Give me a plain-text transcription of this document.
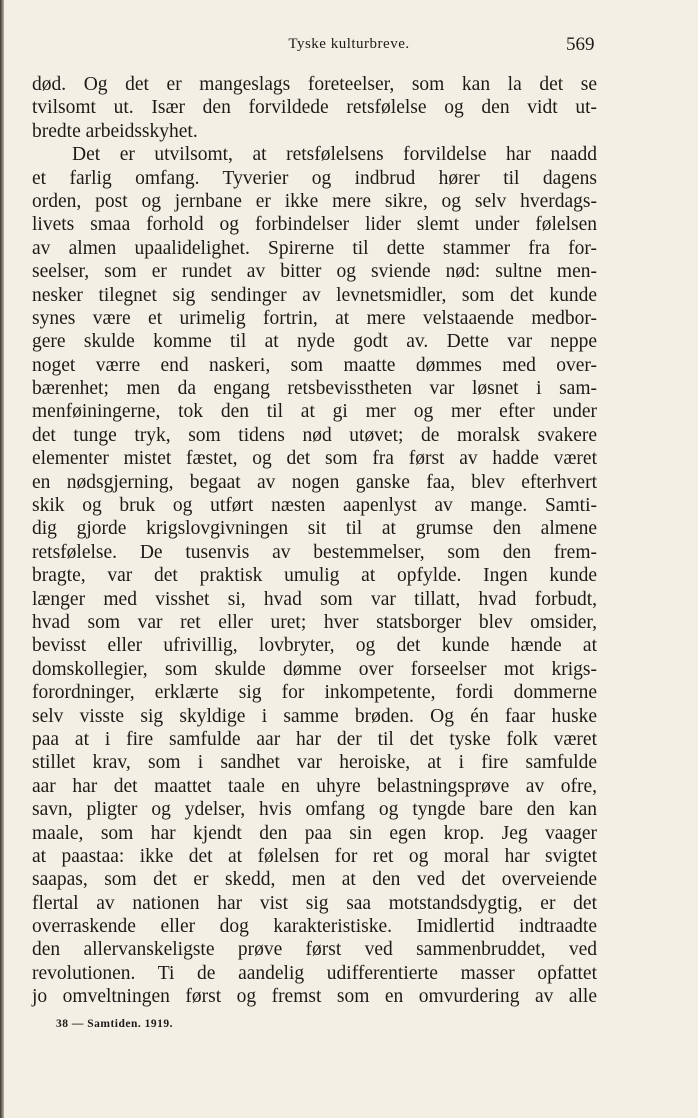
Tyske kulturbreve.	569
død. Og det er mangeslags foreteelser, som kan la det se
tvilsomt ut. Især den forvildede retsfølelse og den vidt ut-
bredte arbeidsskyhet.
Det er utvilsomt, at retsfølelsens forvildelse har naadd
et farlig omfang. Tyverier og indbrud hører til dagens
orden, post og jernbane er ikke mere sikre, og selv hverdags-
livets smaa forhold og forbindelser lider slemt under følelsen
av almen upaalidelighet. Spirerne til dette stammer fra for-
seelser, som er rundet av bitter og sviende nød: sultne men-
nesker tilegnet sig sendinger av levnetsmidler, som det kunde
synes være et urimelig fortrin, at mere velstaaende medbor-
gere skulde komme til at nyde godt av. Dette var neppe
noget værre end naskeri, som maatte dømmes med over-
bærenhet; men da engang retsbevisstheten var løsnet i sam-
menføiningerne, tok den til at gi mer og mer efter under
det tunge tryk, som tidens nød utøvet; de moralsk svakere
elementer mistet fæstet, og det som fra først av hadde været
en nødsgjerning, begaat av nogen ganske faa, blev efterhvert
skik og bruk og utført næsten aapenlyst av mange. Samti-
dig gjorde krigslovgivningen sit til at grumse den almene
retsfølelse. De tusenvis av bestemmelser, som den frem-
bragte, var det praktisk umulig at opfylde. Ingen kunde
længer med visshet si, hvad som var tillatt, hvad forbudt,
hvad som var ret eller uret; hver statsborger blev omsider,
bevisst eller ufrivillig, lovbryter, og det kunde hænde at
domskollegier, som skulde dømme over forseelser mot krigs-
forordninger, erklærte sig for inkompetente, fordi dommerne
selv visste sig skyldige i samme brøden. Og én faar huske
paa at i fire samfulde aar har der til det tyske folk været
stillet krav, som i sandhet var heroiske, at i fire samfulde
aar har det maattet taale en uhyre belastningsprøve av ofre,
savn, pligter og ydelser, hvis omfang og tyngde bare den kan
maale, som har kjendt den paa sin egen krop. Jeg vaager
at paastaa: ikke det at følelsen for ret og moral har svigtet
saapas, som det er skedd, men at den ved det overveiende
flertal av nationen har vist sig saa motstandsdygtig, er det
overraskende eller dog karakteristiske. Imidlertid indtraadte
den allervanskeligste prøve først ved sammenbruddet, ved
revolutionen. Ti de aandelig udifferentierte masser opfattet
jo omveltningen først og fremst som en omvurdering av alle
38 — Samtiden. 1919.
